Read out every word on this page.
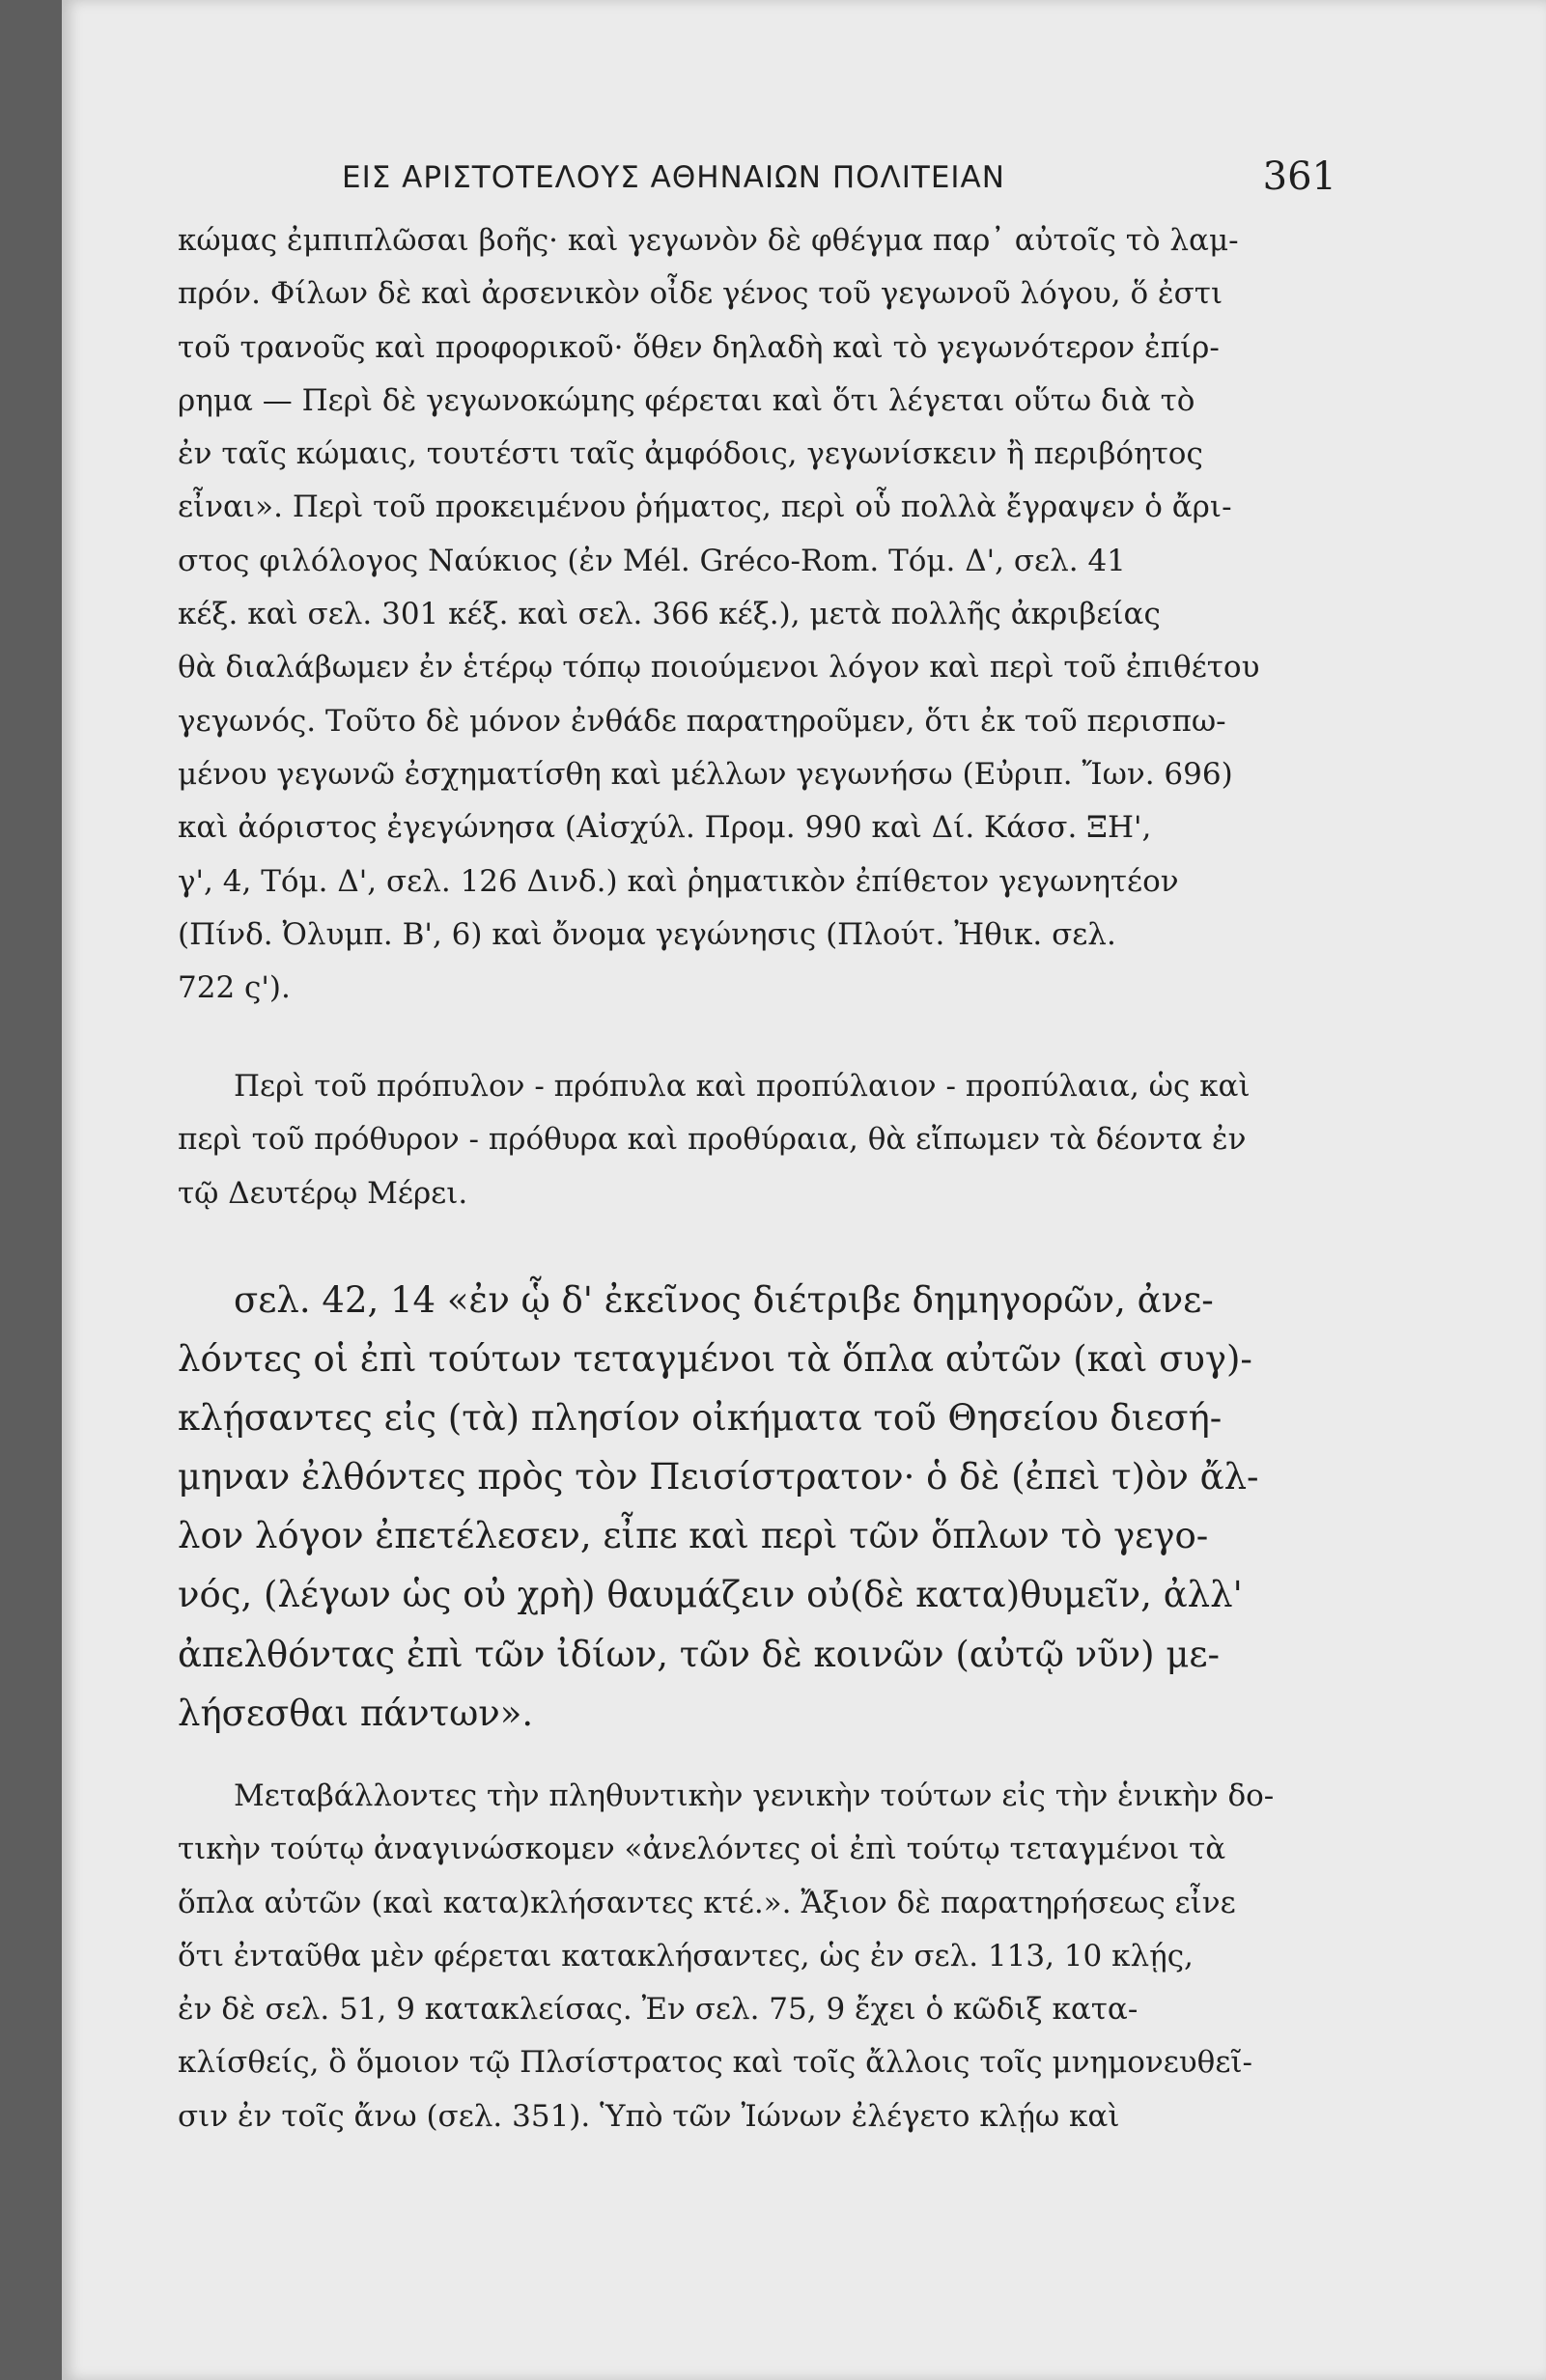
ΕΙΣ ΑΡΙΣΤΟΤΕΛΟΥΣ ΑΘΗΝΑΙΩΝ ΠΟΛΙΤΕΙΑΝ	361
κώμας ἐμπιπλῶσαι βοῆς· καὶ γεγωνὸν δὲ φθέγμα παρ᾽ αὐτοῖς τὸ λαμ-
πρόν. Φίλων δὲ καὶ ἀρσενικὸν οἶδε γένος τοῦ γεγωνοῦ λόγου, ὅ ἐστι
τοῦ τρανοῦς καὶ προφορικοῦ· ὅθεν δηλαδὴ καὶ τὸ γεγωνότερον ἐπίρ-
ρημα — Περὶ δὲ γεγωνοκώμης φέρεται καὶ ὅτι λέγεται οὕτω διὰ τὸ
ἐν ταῖς κώμαις, τουτέστι ταῖς ἀμφόδοις, γεγωνίσκειν ἢ περιβόητος
εἶναι». Περὶ τοῦ προκειμένου ῥήματος, περὶ οὗ πολλὰ ἔγραψεν ὁ ἄρι-
στος φιλόλογος Ναύκιος (ἐν Mél. Gréco-Rom. Τόμ. Δ', σελ. 41
κέξ. καὶ σελ. 301 κέξ. καὶ σελ. 366 κέξ.), μετὰ πολλῆς ἀκριβείας
θὰ διαλάβωμεν ἐν ἑτέρῳ τόπῳ ποιούμενοι λόγον καὶ περὶ τοῦ ἐπιθέτου
γεγωνός. Τοῦτο δὲ μόνον ἐνθάδε παρατηροῦμεν, ὅτι ἐκ τοῦ περισπω-
μένου γεγωνῶ ἐσχηματίσθη καὶ μέλλων γεγωνήσω (Εὐριπ. Ἴων. 696)
καὶ ἀόριστος ἐγεγώνησα (Αἰσχύλ. Προμ. 990 καὶ Δί. Κάσσ. ΞΗ',
γ', 4, Τόμ. Δ', σελ. 126 Δινδ.) καὶ ῥηματικὸν ἐπίθετον γεγωνητέον
(Πίνδ. Ὀλυμπ. Β', 6) καὶ ὄνομα γεγώνησις (Πλούτ. Ἠθικ. σελ.
722 ς').
Περὶ τοῦ πρόπυλον - πρόπυλα καὶ προπύλαιον - προπύλαια, ὡς καὶ
περὶ τοῦ πρόθυρον - πρόθυρα καὶ προθύραια, θὰ εἴπωμεν τὰ δέοντα ἐν
τῷ Δευτέρῳ Μέρει.
σελ. 42, 14 «ἐν ᾧ δ' ἐκεῖνος διέτριβε δημηγορῶν, ἀνε-
λόντες οἱ ἐπὶ τούτων τεταγμένοι τὰ ὅπλα αὐτῶν (καὶ συγ)-
κλῄσαντες εἰς (τὰ) πλησίον οἰκήματα τοῦ Θησείου διεσή-
μηναν ἐλθόντες πρὸς τὸν Πεισίστρατον· ὁ δὲ (ἐπεὶ τ)ὸν ἄλ-
λον λόγον ἐπετέλεσεν, εἶπε καὶ περὶ τῶν ὅπλων τὸ γεγο-
νός, (λέγων ὡς οὐ χρὴ) θαυμάζειν οὐ(δὲ κατα)θυμεῖν, ἀλλ'
ἀπελθόντας ἐπὶ τῶν ἰδίων, τῶν δὲ κοινῶν (αὐτῷ νῦν) με-
λήσεσθαι πάντων».
Μεταβάλλοντες τὴν πληθυντικὴν γενικὴν τούτων εἰς τὴν ἑνικὴν δο-
τικὴν τούτῳ ἀναγινώσκομεν «ἀνελόντες οἱ ἐπὶ τούτῳ τεταγμένοι τὰ
ὅπλα αὐτῶν (καὶ κατα)κλήσαντες κτέ.». Ἄξιον δὲ παρατηρήσεως εἶνε
ὅτι ἐνταῦθα μὲν φέρεται κατακλήσαντες, ὡς ἐν σελ. 113, 10 κλῄς,
ἐν δὲ σελ. 51, 9 κατακλείσας. Ἐν σελ. 75, 9 ἔχει ὁ κῶδιξ κατα-
κλίσθείς, ὃ ὅμοιον τῷ Πλσίστρατος καὶ τοῖς ἄλλοις τοῖς μνημονευθεῖ-
σιν ἐν τοῖς ἄνω (σελ. 351). Ὑπὸ τῶν Ἰώνων ἐλέγετο κλῄω καὶ
